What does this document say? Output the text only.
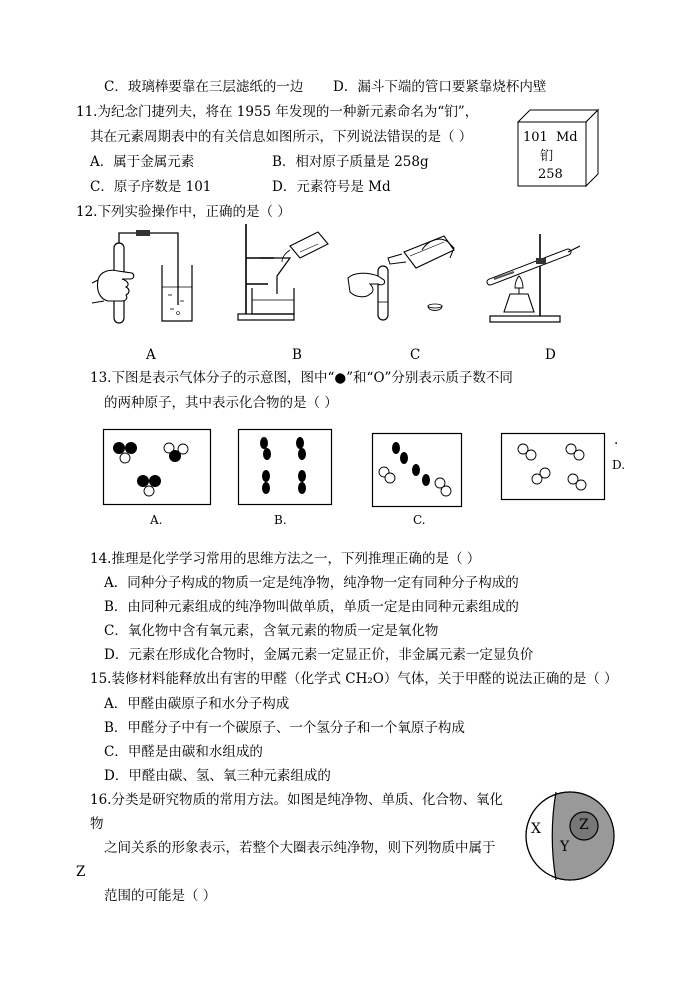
C．玻璃棒要靠在三层滤纸的一边 D．漏斗下端的管口要紧靠烧杯内壁
11.为纪念门捷列夫，将在 1955 年发现的一种新元素命名为“钔”，
其在元素周期表中的有关信息如图所示，下列说法错误的是（ ）
A．属于金属元素	B．相对原子质量是 258g
C．原子序数是 101	D．元素符号是 Md
101 Md
钔
258
12.下列实验操作中，正确的是（ ）
A	B	C	D
13.下图是表示气体分子的示意图，图中“●”和“Ο”分别表示质子数不同
的两种原子，其中表示化合物的是（ ）
.
D.
A.	B.	C.
14.推理是化学学习常用的思维方法之一，下列推理正确的是（ ）
A．同种分子构成的物质一定是纯净物，纯净物一定有同种分子构成的
B．由同种元素组成的纯净物叫做单质，单质一定是由同种元素组成的
C．氧化物中含有氧元素，含氧元素的物质一定是氧化物
D．元素在形成化合物时，金属元素一定显正价，非金属元素一定显负价
15.装修材料能释放出有害的甲醛（化学式 CH₂O）气体，关于甲醛的说法正确的是（ ）
A．甲醛由碳原子和水分子构成
B．甲醛分子中有一个碳原子、一个氢分子和一个氧原子构成
C．甲醛是由碳和水组成的
D．甲醛由碳、氢、氧三种元素组成的
16.分类是研究物质的常用方法。如图是纯净物、单质、化合物、氧化
物
之间关系的形象表示，若整个大圈表示纯净物，则下列物质中属于
Z
范围的可能是（ ）
X
Y
Z
